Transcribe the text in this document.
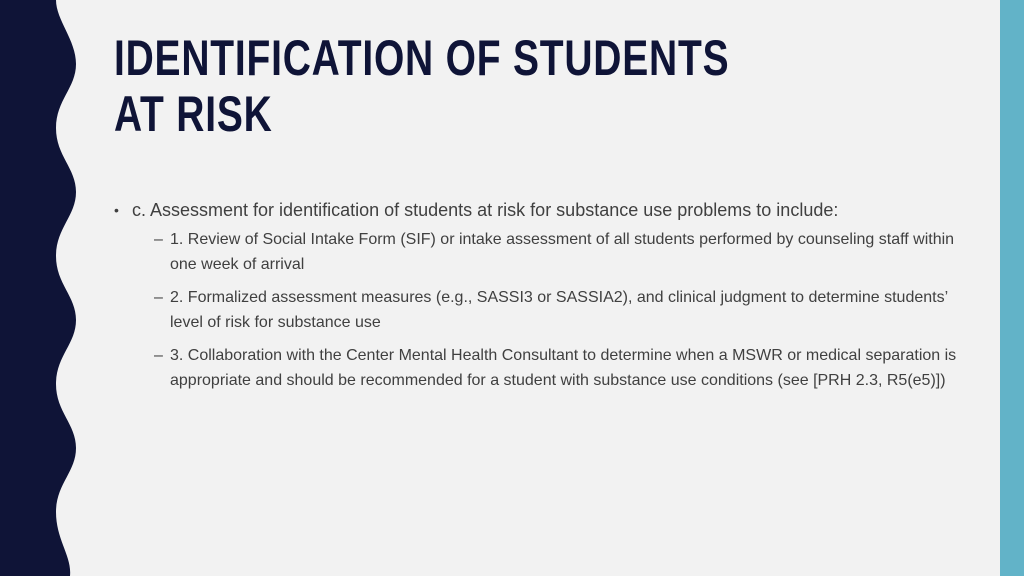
IDENTIFICATION OF STUDENTS AT RISK
• c. Assessment for identification of students at risk for substance use problems to include:
– 1. Review of Social Intake Form (SIF) or intake assessment of all students performed by counseling staff within one week of arrival
– 2. Formalized assessment measures (e.g., SASSI3 or SASSIA2), and clinical judgment to determine students’ level of risk for substance use
– 3. Collaboration with the Center Mental Health Consultant to determine when a MSWR or medical separation is appropriate and should be recommended for a student with substance use conditions (see [PRH 2.3, R5(e5)])
